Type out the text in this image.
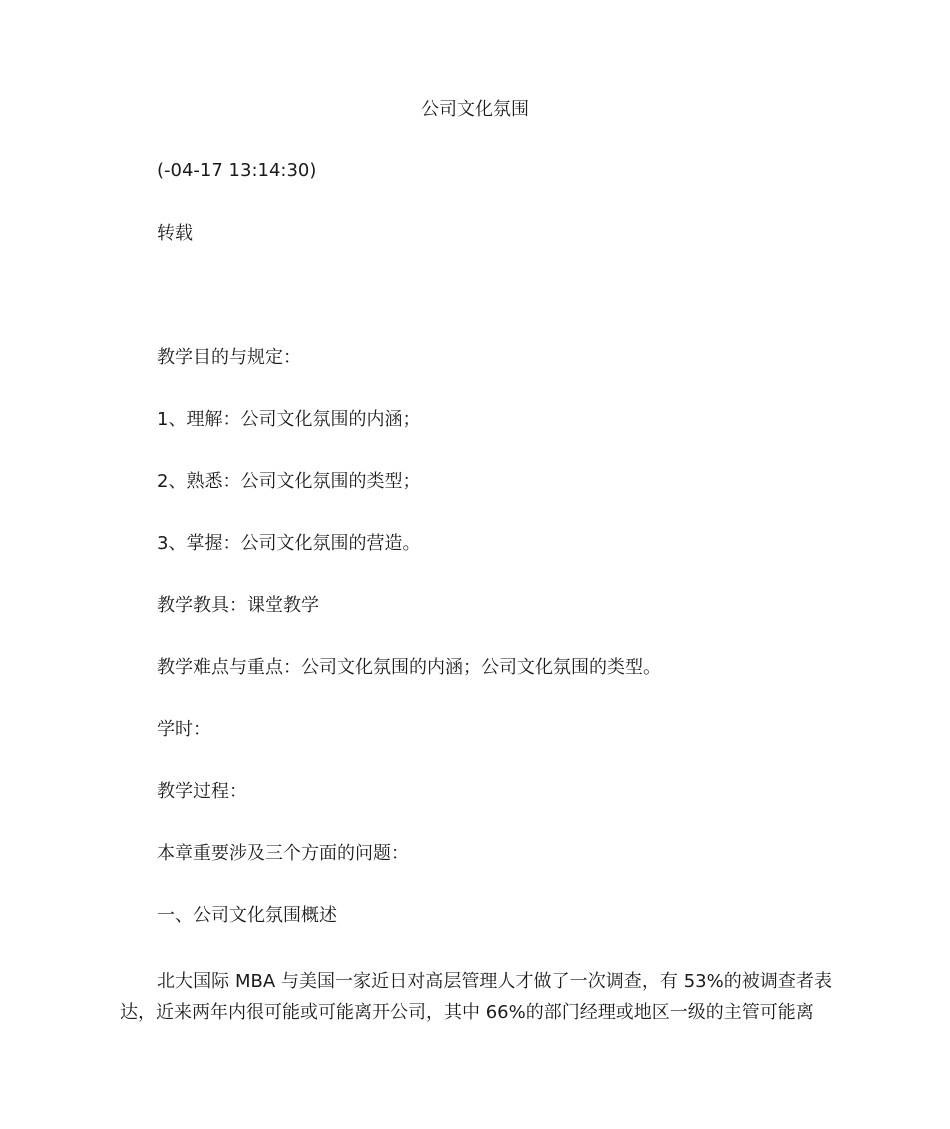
公司文化氛围
(-04-17 13:14:30)
转载
教学目的与规定：
1、理解：公司文化氛围的内涵；
2、熟悉：公司文化氛围的类型；
3、掌握：公司文化氛围的营造。
教学教具：课堂教学
教学难点与重点：公司文化氛围的内涵；公司文化氛围的类型。
学时：
教学过程：
本章重要涉及三个方面的问题：
一、公司文化氛围概述
北大国际 MBA 与美国一家近日对高层管理人才做了一次调查，有 53%的被调查者表达，近来两年内很可能或可能离开公司，其中 66%的部门经理或地区一级的主管可能离
